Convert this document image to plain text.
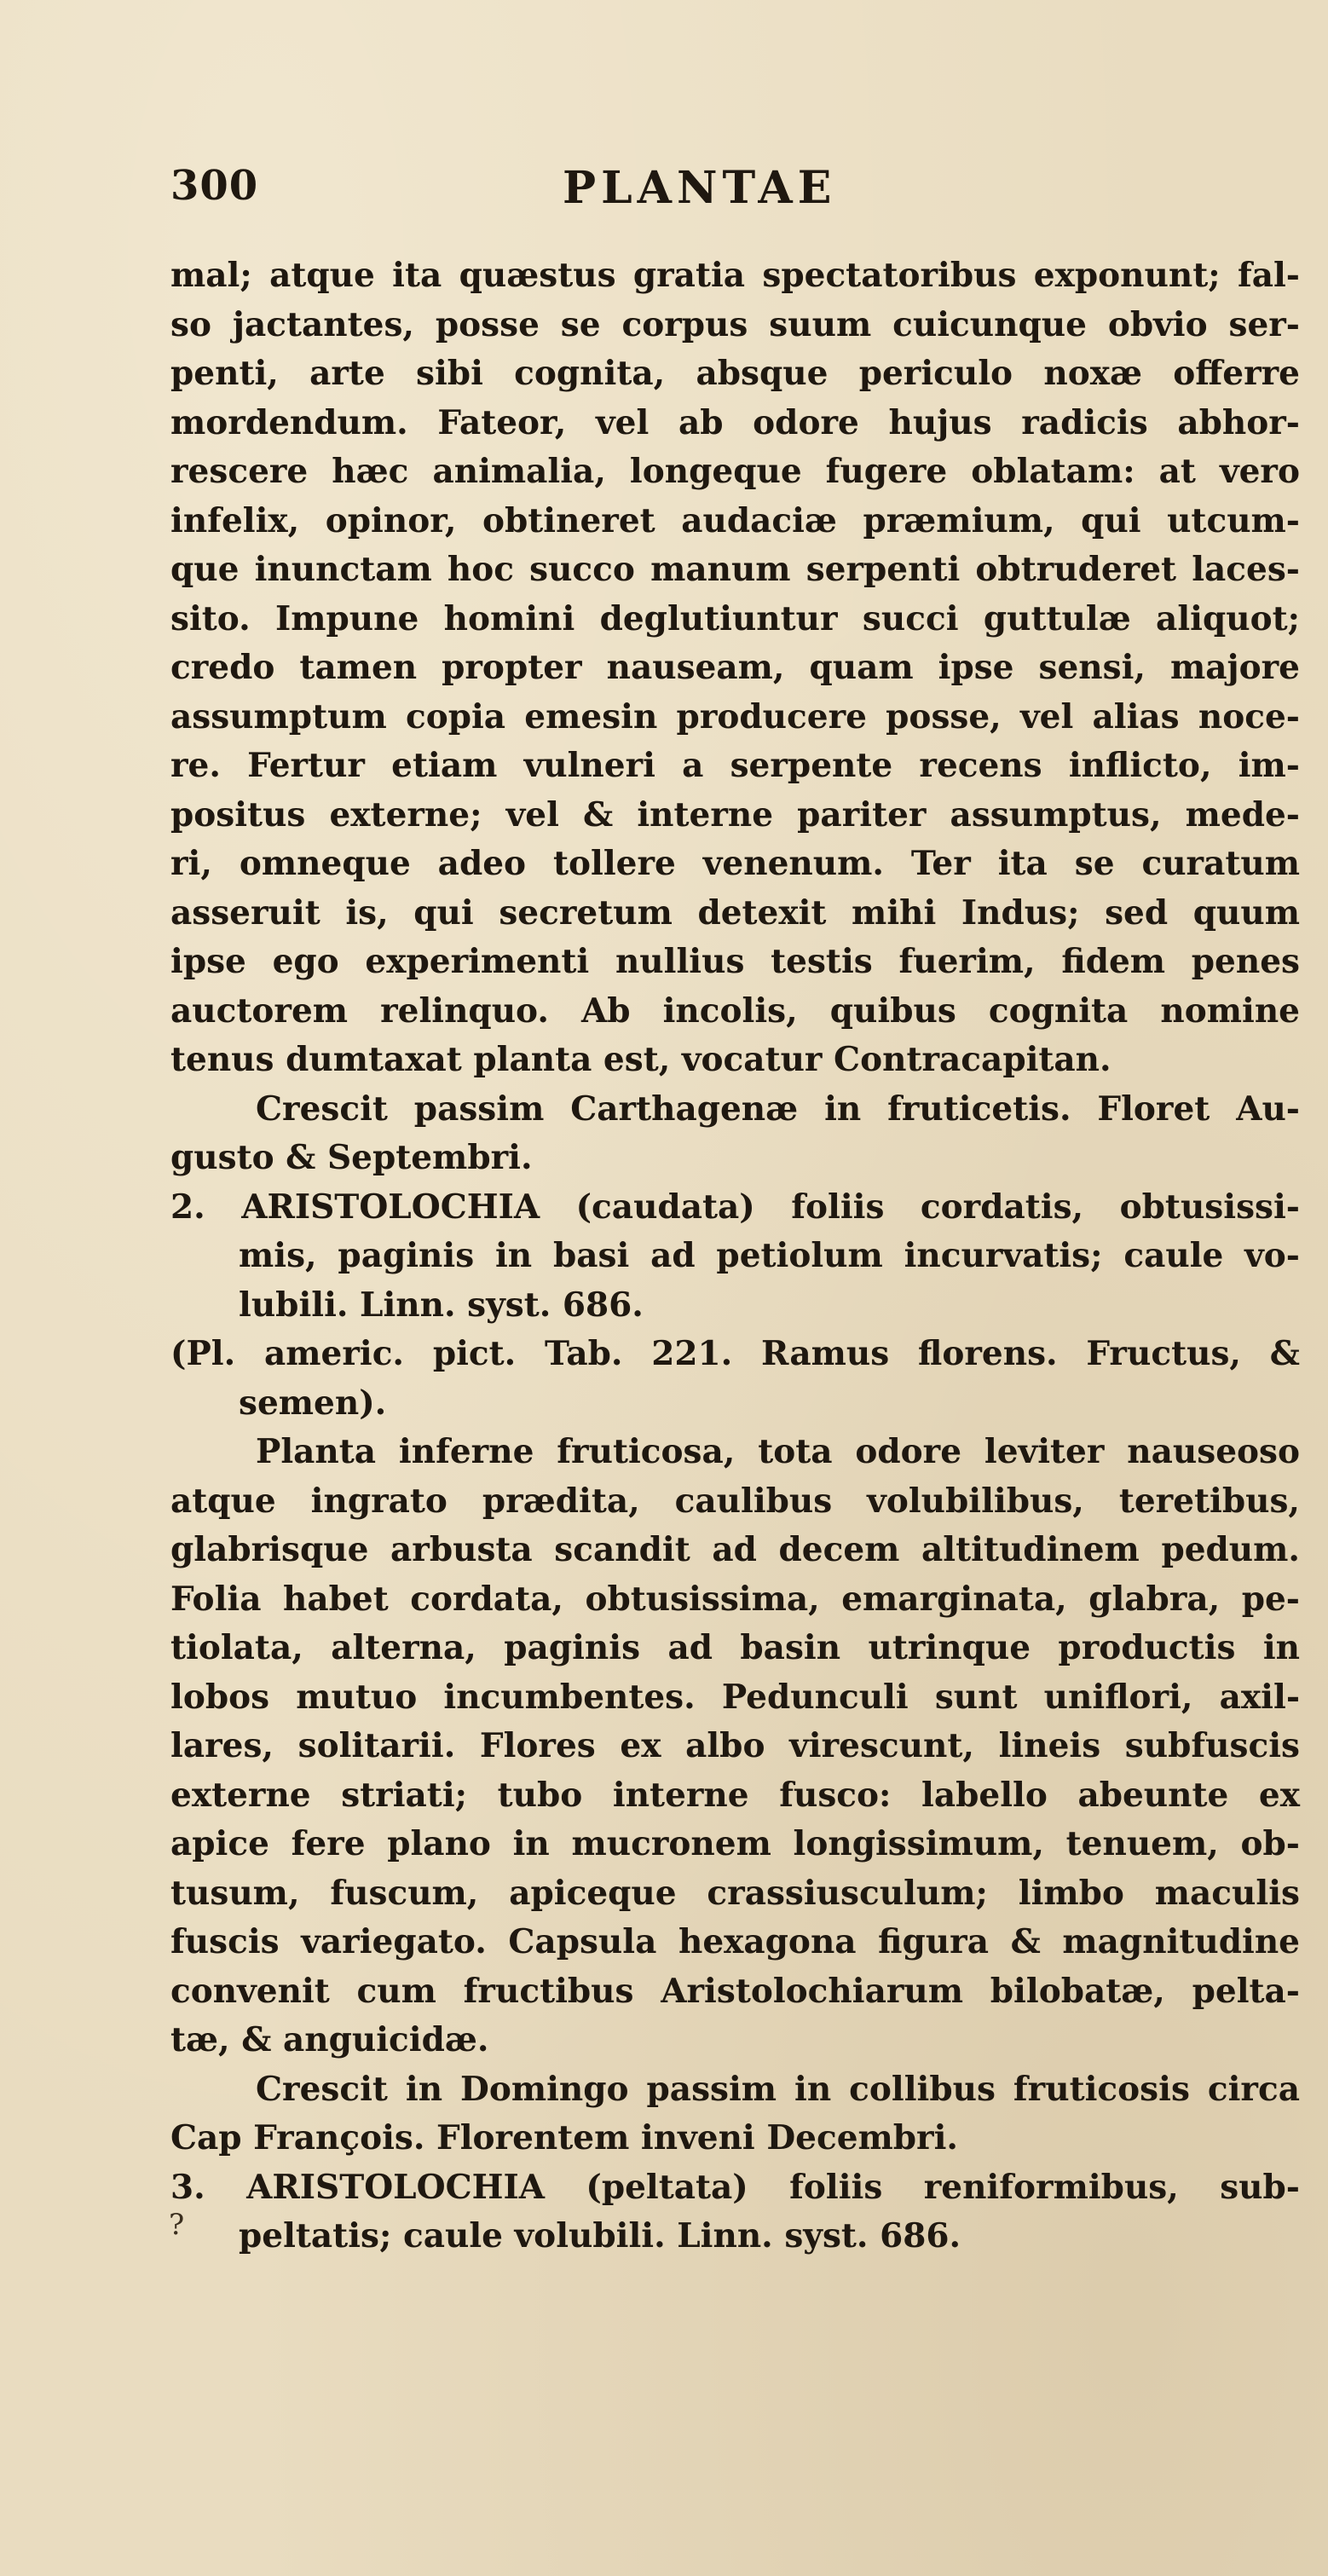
300	PLANTAE
mal; atque ita quæstus gratia spectatoribus exponunt; fal-
so jactantes, posse se corpus suum cuicunque obvio ser-
penti, arte sibi cognita, absque periculo noxæ offerre
mordendum. Fateor, vel ab odore hujus radicis abhor-
rescere hæc animalia, longeque fugere oblatam: at vero
infelix, opinor, obtineret audaciæ præmium, qui utcum-
que inunctam hoc succo manum serpenti obtruderet laces-
sito. Impune homini deglutiuntur succi guttulæ aliquot;
credo tamen propter nauseam, quam ipse sensi, majore
assumptum copia emesin producere posse, vel alias noce-
re. Fertur etiam vulneri a serpente recens inflicto, im-
positus externe; vel & interne pariter assumptus, mede-
ri, omneque adeo tollere venenum. Ter ita se curatum
asseruit is, qui secretum detexit mihi Indus; sed quum
ipse ego experimenti nullius testis fuerim, fidem penes
auctorem relinquo. Ab incolis, quibus cognita nomine
tenus dumtaxat planta est, vocatur Contracapitan.
Crescit passim Carthagenæ in fruticetis. Floret Au-
gusto & Septembri.
2. ARISTOLOCHIA (caudata) foliis cordatis, obtusissi-
mis, paginis in basi ad petiolum incurvatis; caule vo-
lubili. Linn. syst. 686.
(Pl. americ. pict. Tab. 221. Ramus florens. Fructus, &
semen).
Planta inferne fruticosa, tota odore leviter nauseoso
atque ingrato prædita, caulibus volubilibus, teretibus,
glabrisque arbusta scandit ad decem altitudinem pedum.
Folia habet cordata, obtusissima, emarginata, glabra, pe-
tiolata, alterna, paginis ad basin utrinque productis in
lobos mutuo incumbentes. Pedunculi sunt uniflori, axil-
lares, solitarii. Flores ex albo virescunt, lineis subfuscis
externe striati; tubo interne fusco: labello abeunte ex
apice fere plano in mucronem longissimum, tenuem, ob-
tusum, fuscum, apiceque crassiusculum; limbo maculis
fuscis variegato. Capsula hexagona figura & magnitudine
convenit cum fructibus Aristolochiarum bilobatæ, pelta-
tæ, & anguicidæ.
Crescit in Domingo passim in collibus fruticosis circa
Cap François. Florentem inveni Decembri.
3. ARISTOLOCHIA (peltata) foliis reniformibus, sub-
peltatis; caule volubili. Linn. syst. 686.
?
